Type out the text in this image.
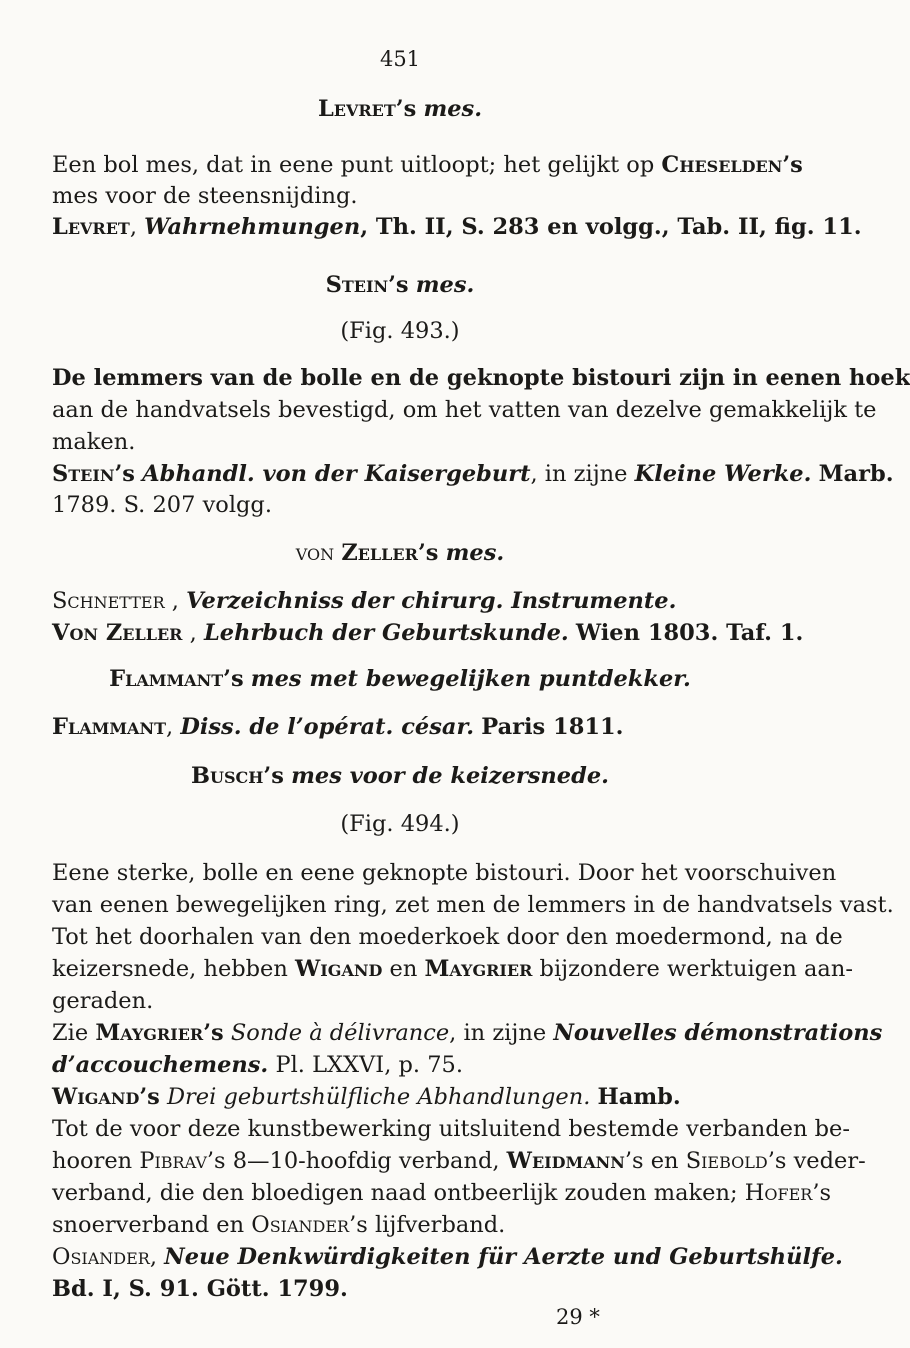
451
Levret’s mes.
Een bol mes, dat in eene punt uitloopt; het gelijkt op Cheselden’s
mes voor de steensnijding.
Levret, Wahrnehmungen, Th. II, S. 283 en volgg., Tab. II, fig. 11.
Stein’s mes.
(Fig. 493.)
De lemmers van de bolle en de geknopte bistouri zijn in eenen hoek
aan de handvatsels bevestigd, om het vatten van dezelve gemakkelijk te
maken.
Stein’s Abhandl. von der Kaisergeburt, in zijne Kleine Werke. Marb.
1789. S. 207 volgg.
von Zeller’s mes.
Schnetter , Verzeichniss der chirurg. Instrumente.
Von Zeller , Lehrbuch der Geburtskunde. Wien 1803. Taf. 1.
Flammant’s mes met bewegelijken puntdekker.
Flammant, Diss. de l’opérat. césar. Paris 1811.
Busch’s mes voor de keizersnede.
(Fig. 494.)
Eene sterke, bolle en eene geknopte bistouri. Door het voorschuiven
van eenen bewegelijken ring, zet men de lemmers in de handvatsels vast.
Tot het doorhalen van den moederkoek door den moedermond, na de
keizersnede, hebben Wigand en Maygrier bijzondere werktuigen aan-
geraden.
Zie Maygrier’s Sonde à délivrance, in zijne Nouvelles démonstrations
d’accouchemens. Pl. LXXVI, p. 75.
Wigand’s Drei geburtshülfliche Abhandlungen. Hamb.
Tot de voor deze kunstbewerking uitsluitend bestemde verbanden be-
hooren Pibrav’s 8—10-hoofdig verband, Weidmann’s en Siebold’s veder-
verband, die den bloedigen naad ontbeerlijk zouden maken; Hofer’s
snoerverband en Osiander’s lijfverband.
Osiander, Neue Denkwürdigkeiten für Aerzte und Geburtshülfe.
Bd. I, S. 91. Gött. 1799.
29 *
